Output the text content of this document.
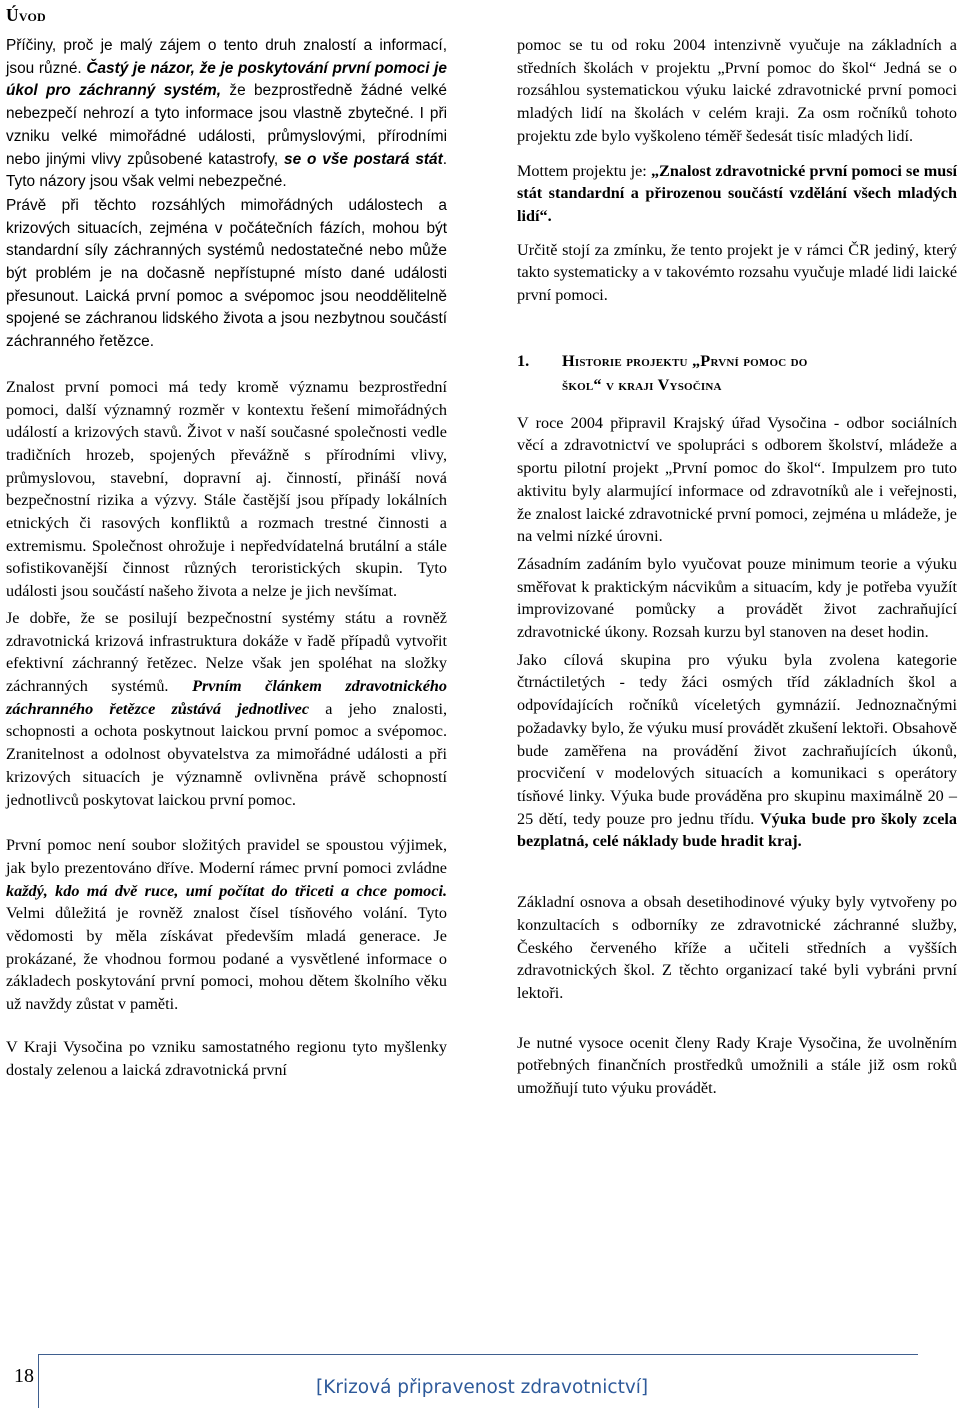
Úvod

Příčiny, proč je malý zájem o tento druh znalostí a informací, jsou různé. Častý je názor, že je poskytování první pomoci je úkol pro záchranný systém, že bezprostředně žádné velké nebezpečí nehrozí a tyto informace jsou vlastně zbytečné. I při vzniku velké mimořádné události, průmyslovými, přírodními nebo jinými vlivy způsobené katastrofy, se o vše postará stát. Tyto názory jsou však velmi nebezpečné.

Právě při těchto rozsáhlých mimořádných událostech a krizových situacích, zejména v počátečních fázích, mohou být standardní síly záchranných systémů nedostatečné nebo může být problém je na dočasně nepřístupné místo dané události přesunout. Laická první pomoc a svépomoc jsou neoddělitelně spojené se záchranou lidského života a jsou nezbytnou součástí záchranného řetězce.

Znalost první pomoci má tedy kromě významu bezprostřední pomoci, další významný rozměr v kontextu řešení mimořádných událostí a krizových stavů. Život v naší současné společnosti vedle tradičních hrozeb, spojených převážně s přírodními vlivy, průmyslovou, stavební, dopravní aj. činností, přináší nová bezpečnostní rizika a výzvy. Stále častější jsou případy lokálních etnických či rasových konfliktů a rozmach trestné činnosti a extremismu. Společnost ohrožuje i nepředvídatelná brutální a stále sofistikovanější činnost různých teroristických skupin. Tyto události jsou součástí našeho života a nelze je jich nevšímat.

Je dobře, že se posilují bezpečnostní systémy státu a rovněž zdravotnická krizová infrastruktura dokáže v řadě případů vytvořit efektivní záchranný řetězec. Nelze však jen spoléhat na složky záchranných systémů. Prvním článkem zdravotnického záchranného řetězce zůstává jednotlivec a jeho znalosti, schopnosti a ochota poskytnout laickou první pomoc a svépomoc. Zranitelnost a odolnost obyvatelstva za mimořádné události a při krizových situacích je významně ovlivněna právě schopností jednotlivců poskytovat laickou první pomoc.

První pomoc není soubor složitých pravidel se spoustou výjimek, jak bylo prezentováno dříve. Moderní rámec první pomoci zvládne každý, kdo má dvě ruce, umí počítat do třiceti a chce pomoci. Velmi důležitá je rovněž znalost čísel tísňového volání. Tyto vědomosti by měla získávat především mladá generace. Je prokázané, že vhodnou formou podané a vysvětlené informace o základech poskytování první pomoci, mohou dětem školního věku už navždy zůstat v paměti.

V Kraji Vysočina po vzniku samostatného regionu tyto myšlenky dostaly zelenou a laická zdravotnická první

pomoc se tu od roku 2004 intenzivně vyučuje na základních a středních školách v projektu „První pomoc do škol“ Jedná se o rozsáhlou systematickou výuku laické zdravotnické první pomoci mladých lidí na školách v celém kraji. Za osm ročníků tohoto projektu zde bylo vyškoleno téměř šedesát tisíc mladých lidí.

Mottem projektu je: „Znalost zdravotnické první pomoci se musí stát standardní a přirozenou součástí vzdělání všech mladých lidí“.

Určitě stojí za zmínku, že tento projekt je v rámci ČR jediný, který takto systematicky a v takovémto rozsahu vyučuje mladé lidi laické první pomoci.

1. Historie projektu „První pomoc do
škol“ v kraji Vysočina

V roce 2004 připravil Krajský úřad Vysočina - odbor sociálních věcí a zdravotnictví ve spolupráci s odborem školství, mládeže a sportu pilotní projekt „První pomoc do škol“. Impulzem pro tuto aktivitu byly alarmující informace od zdravotníků ale i veřejnosti, že znalost laické zdravotnické první pomoci, zejména u mládeže, je na velmi nízké úrovni.

Zásadním zadáním bylo vyučovat pouze minimum teorie a výuku směřovat k praktickým nácvikům a situacím, kdy je potřeba využít improvizované pomůcky a provádět život zachraňující zdravotnické úkony. Rozsah kurzu byl stanoven na deset hodin.

Jako cílová skupina pro výuku byla zvolena kategorie čtrnáctiletých - tedy žáci osmých tříd základních škol a odpovídajících ročníků víceletých gymnázií. Jednoznačnými požadavky bylo, že výuku musí provádět zkušení lektoři. Obsahově bude zaměřena na provádění život zachraňujících úkonů, procvičení v modelových situacích a komunikaci s operátory tísňové linky. Výuka bude prováděna pro skupinu maximálně 20 – 25 dětí, tedy pouze pro jednu třídu. Výuka bude pro školy zcela bezplatná, celé náklady bude hradit kraj.

Základní osnova a obsah desetihodinové výuky byly vytvořeny po konzultacích s odborníky ze zdravotnické záchranné služby, Českého červeného kříže a učiteli středních a vyšších zdravotnických škol. Z těchto organizací také byli vybráni první lektoři.

Je nutné vysoce ocenit členy Rady Kraje Vysočina, že uvolněním potřebných finančních prostředků umožnili a stále již osm roků umožňují tuto výuku provádět.

18
[Krizová připravenost zdravotnictví]
